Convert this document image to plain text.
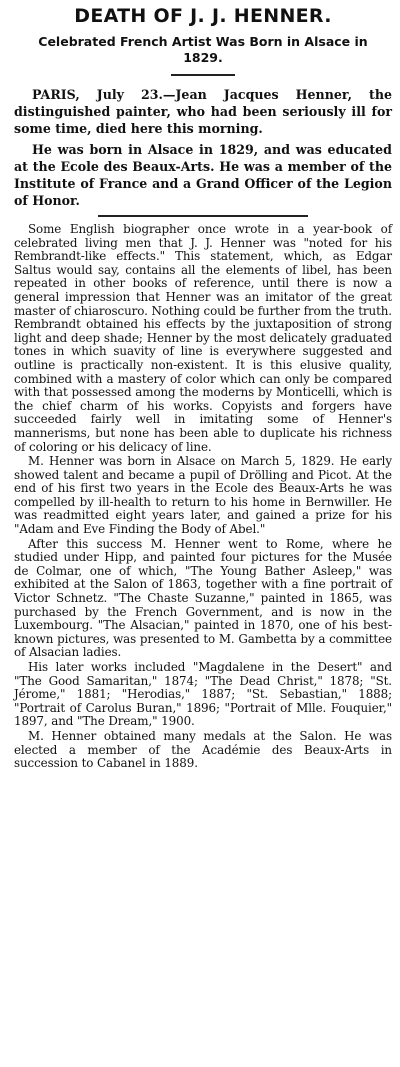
DEATH OF J. J. HENNER.
Celebrated French Artist Was Born in Alsace in 1829.

PARIS, July 23.—Jean Jacques Henner, the distinguished painter, who had been seriously ill for some time, died here this morning.

He was born in Alsace in 1829, and was educated at the Ecole des Beaux-Arts. He was a member of the Institute of France and a Grand Officer of the Legion of Honor.

Some English biographer once wrote in a year-book of celebrated living men that J. J. Henner was "noted for his Rembrandt-like effects." This statement, which, as Edgar Saltus would say, contains all the elements of libel, has been repeated in other books of reference, until there is now a general impression that Henner was an imitator of the great master of chiaroscuro. Nothing could be further from the truth. Rembrandt obtained his effects by the juxtaposition of strong light and deep shade; Henner by the most delicately graduated tones in which suavity of line is everywhere suggested and outline is practically non-existent. It is this elusive quality, combined with a mastery of color which can only be compared with that possessed among the moderns by Monticelli, which is the chief charm of his works. Copyists and forgers have succeeded fairly well in imitating some of Henner's mannerisms, but none has been able to duplicate his richness of coloring or his delicacy of line.

M. Henner was born in Alsace on March 5, 1829. He early showed talent and became a pupil of Drölling and Picot. At the end of his first two years in the Ecole des Beaux-Arts he was compelled by ill-health to return to his home in Bernwiller. He was readmitted eight years later, and gained a prize for his "Adam and Eve Finding the Body of Abel."

After this success M. Henner went to Rome, where he studied under Hipp, and painted four pictures for the Musée de Colmar, one of which, "The Young Bather Asleep," was exhibited at the Salon of 1863, together with a fine portrait of Victor Schnetz. "The Chaste Suzanne," painted in 1865, was purchased by the French Government, and is now in the Luxembourg. "The Alsacian," painted in 1870, one of his best-known pictures, was presented to M. Gambetta by a committee of Alsacian ladies.

His later works included "Magdalene in the Desert" and "The Good Samaritan," 1874; "The Dead Christ," 1878; "St. Jérome," 1881; "Herodias," 1887; "St. Sebastian," 1888; "Portrait of Carolus Buran," 1896; "Portrait of Mlle. Fouquier," 1897, and "The Dream," 1900.

M. Henner obtained many medals at the Salon. He was elected a member of the Académie des Beaux-Arts in succession to Cabanel in 1889.
